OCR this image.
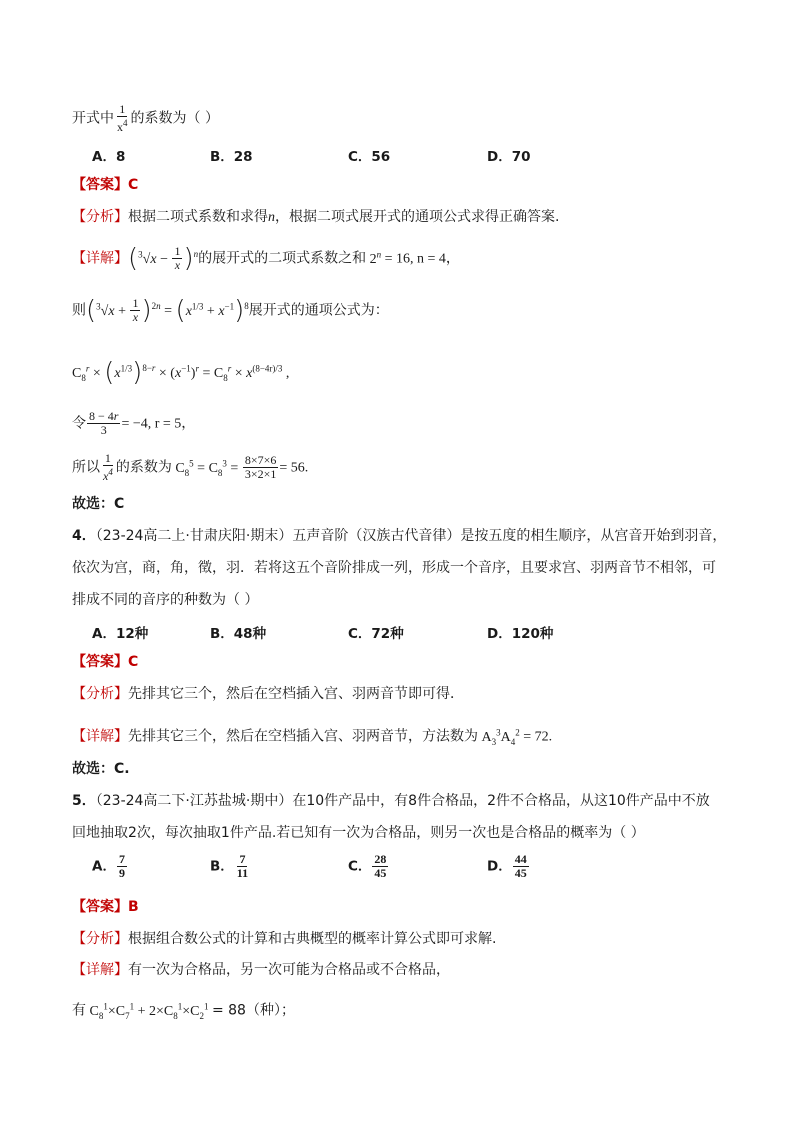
开式中 $\frac{1}{x^4}$ 的系数为（ ）
A．8	B．28	C．56	D．70
【答案】C
【分析】根据二项式系数和求得n，根据二项式展开式的通项公式求得正确答案.
【详解】$(^3√x - \frac{1}{x} )^n$的展开式的二项式系数之和 $2^n = 16$, n = 4，
则$(^3√x + \frac{1}{x} )^{2n} = (x^{1/3} + x^{-1})^8$展开式的通项公式为：
$C_8^r \times (x^{1/3})^{8-r} \times (x^{-1})^r = C_8^r \times x^{(8-4r)/3}$ ,
令 $\frac{8 - 4r}{3} = -4$, r = 5，
所以 $\frac{1}{x^4}$ 的系数为 $C_8^5 = C_8^3 = \frac{8\times 7\times 6}{3\times 2\times 1} = 56$.
故选：C
4．（23-24高二上·甘肃庆阳·期末）五声音阶（汉族古代音律）是按五度的相生顺序，从宫音开始到羽音，
依次为宫，商，角，徵，羽．若将这五个音阶排成一列，形成一个音序，且要求宫、羽两音节不相邻，可
排成不同的音序的种数为（ ）
A．12种	B．48种	C．72种	D．120种
【答案】C
【分析】先排其它三个，然后在空档插入宫、羽两音节即可得．
【详解】先排其它三个，然后在空档插入宫、羽两音节，方法数为 $A_3^3A_4^2 = 72$.
故选：C.
5．（23-24高二下·江苏盐城·期中）在10件产品中，有8件合格品，2件不合格品，从这10件产品中不放
回地抽取2次，每次抽取1件产品.若已知有一次为合格品，则另一次也是合格品的概率为（ ）
A． $\frac{7}{9}$	B． $\frac{7}{11}$	C． $\frac{28}{45}$	D． $\frac{44}{45}$
【答案】B
【分析】根据组合数公式的计算和古典概型的概率计算公式即可求解.
【详解】有一次为合格品，另一次可能为合格品或不合格品，
有 $C_8^1\times C_7^1 + 2\times C_8^1\times C_2^1 = 88$（种）；
